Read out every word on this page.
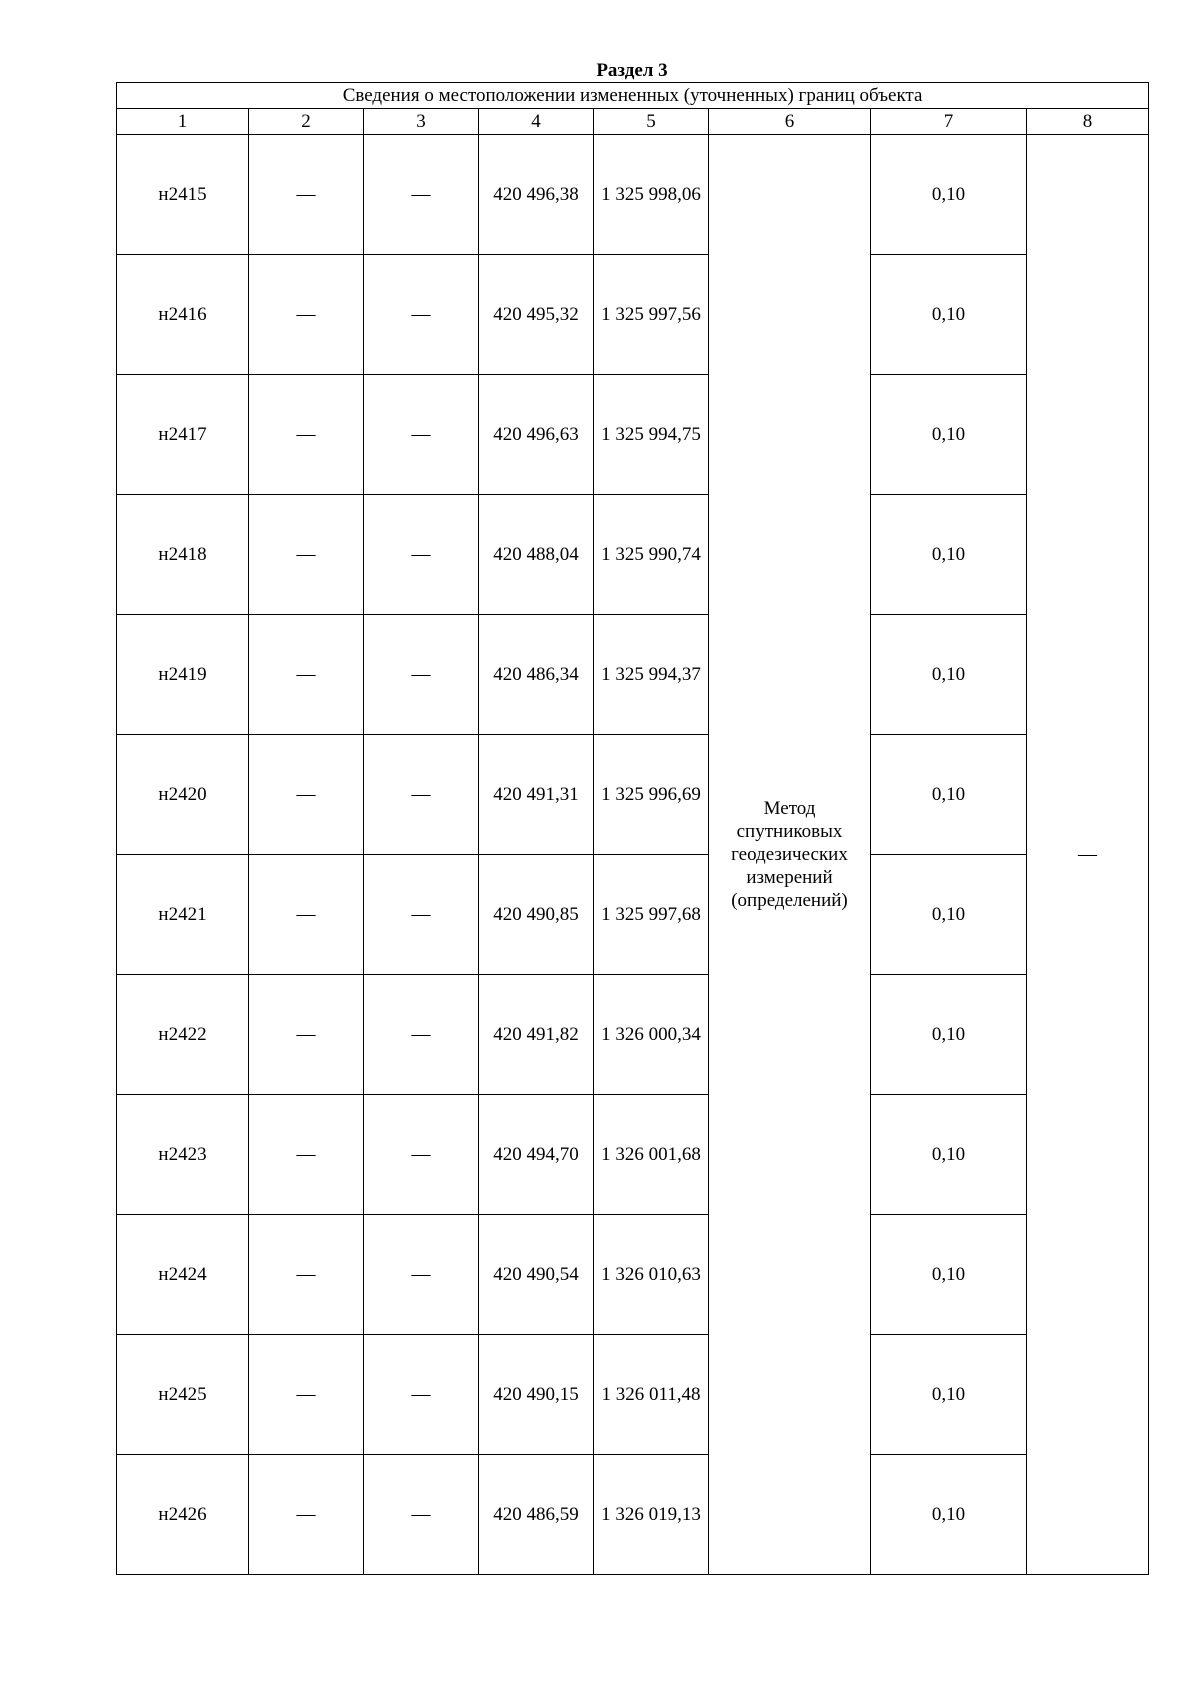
Раздел 3
Сведения о местоположении измененных (уточненных) границ объекта							
1	2	3	4	5	6	7	8
н2415	—	—	420 496,38	1 325 998,06	Метод
спутниковых
геодезических
измерений
(определений)	0,10	—
н2416	—	—	420 495,32	1 325 997,56		0,10	
н2417	—	—	420 496,63	1 325 994,75		0,10	
н2418	—	—	420 488,04	1 325 990,74		0,10	
н2419	—	—	420 486,34	1 325 994,37		0,10	
н2420	—	—	420 491,31	1 325 996,69		0,10	
н2421	—	—	420 490,85	1 325 997,68		0,10	
н2422	—	—	420 491,82	1 326 000,34		0,10	
н2423	—	—	420 494,70	1 326 001,68		0,10	
н2424	—	—	420 490,54	1 326 010,63		0,10	
н2425	—	—	420 490,15	1 326 011,48		0,10	
н2426	—	—	420 486,59	1 326 019,13		0,10	
